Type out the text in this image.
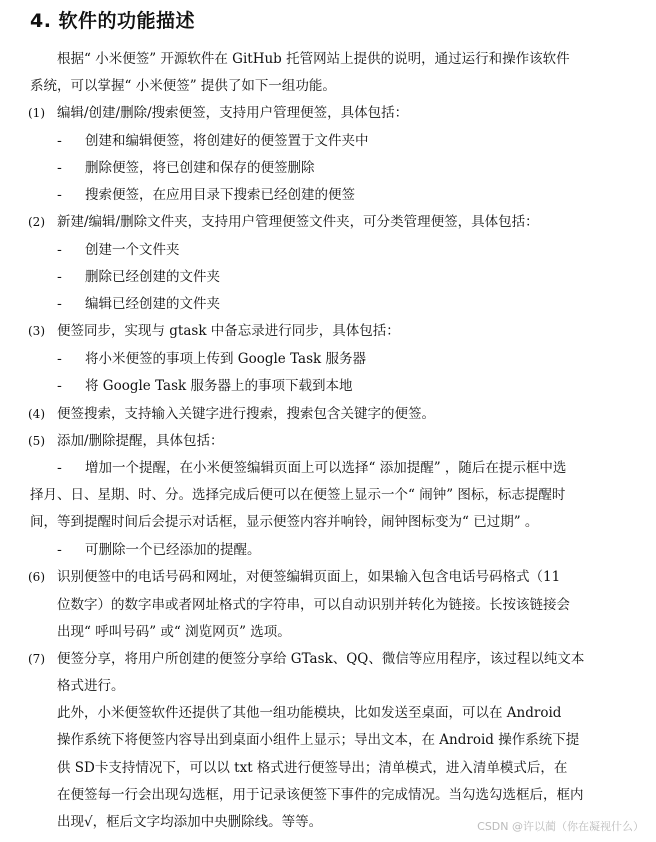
4. 软件的功能描述
根据“ 小米便签” 开源软件在 GitHub 托管网站上提供的说明，通过运行和操作该软件
系统，可以掌握“ 小米便签” 提供了如下一组功能。
(1) 编辑/创建/删除/搜索便签，支持用户管理便签，具体包括：
- 创建和编辑便签，将创建好的便签置于文件夹中
- 删除便签，将已创建和保存的便签删除
- 搜索便签，在应用目录下搜索已经创建的便签
(2) 新建/编辑/删除文件夹，支持用户管理便签文件夹，可分类管理便签，具体包括：
- 创建一个文件夹
- 删除已经创建的文件夹
- 编辑已经创建的文件夹
(3) 便签同步，实现与 gtask 中备忘录进行同步，具体包括：
- 将小米便签的事项上传到 Google Task 服务器
- 将 Google Task 服务器上的事项下载到本地
(4) 便签搜索，支持输入关键字进行搜索，搜索包含关键字的便签。
(5) 添加/删除提醒，具体包括：
- 增加一个提醒，在小米便签编辑页面上可以选择“ 添加提醒” ，随后在提示框中选
择月、日、星期、时、分。选择完成后便可以在便签上显示一个“ 闹钟” 图标，标志提醒时
间，等到提醒时间后会提示对话框，显示便签内容并响铃，闹钟图标变为“ 已过期” 。
- 可删除一个已经添加的提醒。
(6) 识别便签中的电话号码和网址，对便签编辑页面上，如果输入包含电话号码格式（11
位数字）的数字串或者网址格式的字符串，可以自动识别并转化为链接。长按该链接会
出现“ 呼叫号码” 或“ 浏览网页” 选项。
(7) 便签分享，将用户所创建的便签分享给 GTask、QQ、微信等应用程序，该过程以纯文本
格式进行。
此外，小米便签软件还提供了其他一组功能模块，比如发送至桌面，可以在 Android
操作系统下将便签内容导出到桌面小组件上显示；导出文本，在 Android 操作系统下提
供 SD卡支持情况下，可以以 txt 格式进行便签导出；清单模式，进入清单模式后，在
在便签每一行会出现勾选框，用于记录该便签下事件的完成情况。当勾选勾选框后，框内
出现√，框后文字均添加中央删除线。等等。	CSDN @许以蔺（你在凝视什么）
